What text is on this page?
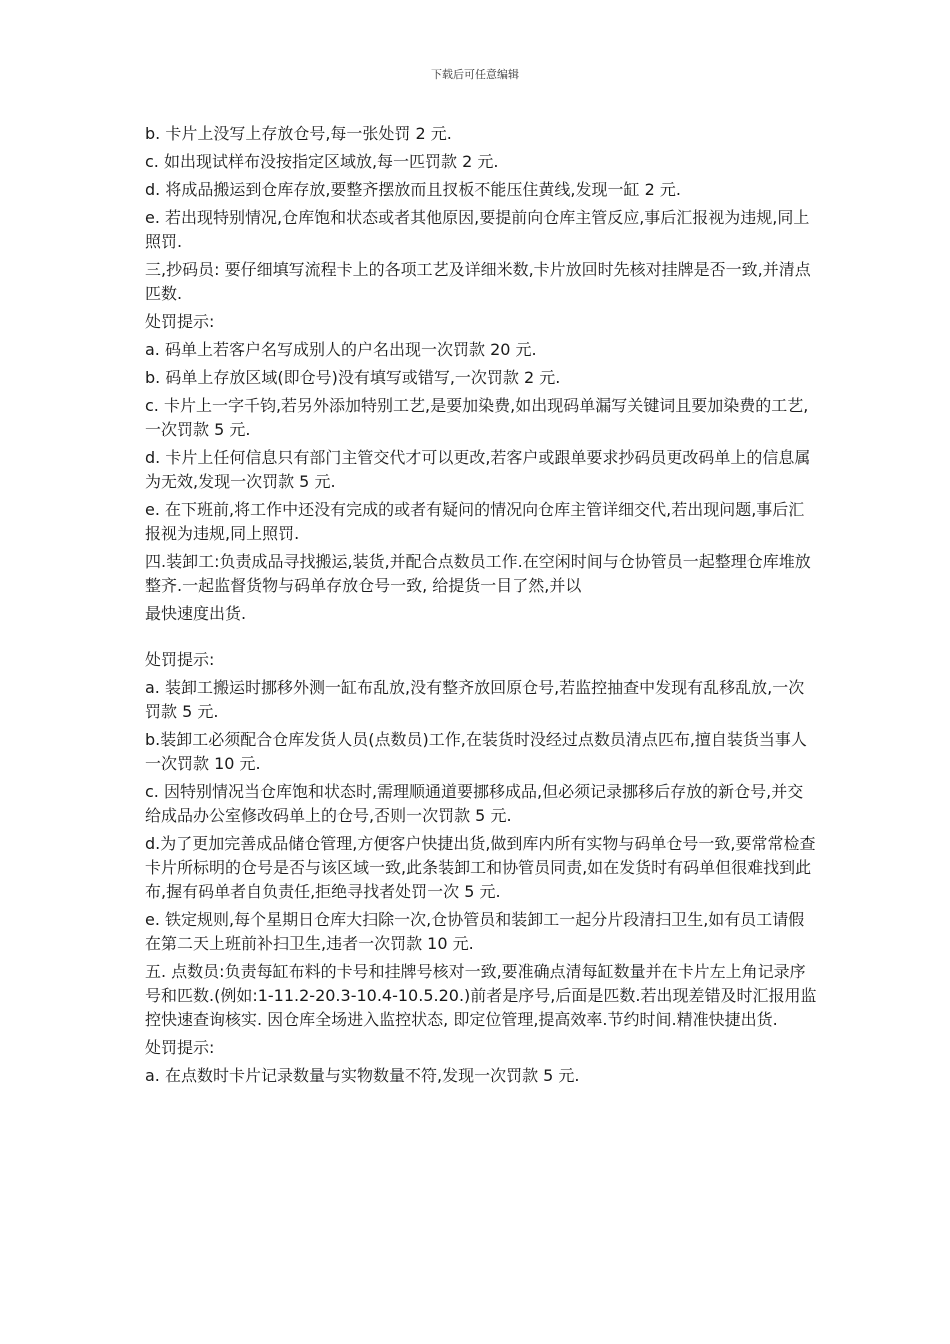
下载后可任意编辑

b. 卡片上没写上存放仓号,每一张处罚 2 元.

c. 如出现试样布没按指定区域放,每一匹罚款 2 元.

d. 将成品搬运到仓库存放,要整齐摆放而且扠板不能压住黄线,发现一缸 2 元.

e. 若出现特别情况,仓库饱和状态或者其他原因,要提前向仓库主管反应,事后汇报视为违规,同上照罚.

三,抄码员: 要仔细填写流程卡上的各项工艺及详细米数,卡片放回时先核对挂牌是否一致,并清点匹数.

处罚提示:

a. 码单上若客户名写成别人的户名出现一次罚款 20 元.

b. 码单上存放区域(即仓号)没有填写或错写,一次罚款 2 元.

c. 卡片上一字千钧,若另外添加特别工艺,是要加染费,如出现码单漏写关键词且要加染费的工艺,一次罚款 5 元.

d. 卡片上任何信息只有部门主管交代才可以更改,若客户或跟单要求抄码员更改码单上的信息属为无效,发现一次罚款 5 元.

e. 在下班前,将工作中还没有完成的或者有疑问的情况向仓库主管详细交代,若出现问题,事后汇报视为违规,同上照罚.

四.装卸工:负责成品寻找搬运,装货,并配合点数员工作.在空闲时间与仓协管员一起整理仓库堆放整齐.一起监督货物与码单存放仓号一致, 给提货一目了然,并以

最快速度出货.

处罚提示:

a. 装卸工搬运时挪移外测一缸布乱放,没有整齐放回原仓号,若监控抽查中发现有乱移乱放,一次罚款 5 元.

b.装卸工必须配合仓库发货人员(点数员)工作,在装货时没经过点数员清点匹布,擅自装货当事人一次罚款 10 元.

c. 因特别情况当仓库饱和状态时,需理顺通道要挪移成品,但必须记录挪移后存放的新仓号,并交给成品办公室修改码单上的仓号,否则一次罚款 5 元.

d.为了更加完善成品储仓管理,方便客户快捷出货,做到库内所有实物与码单仓号一致,要常常检查卡片所标明的仓号是否与该区域一致,此条装卸工和协管员同责,如在发货时有码单但很难找到此布,握有码单者自负责任,拒绝寻找者处罚一次 5 元.

e. 铁定规则,每个星期日仓库大扫除一次,仓协管员和装卸工一起分片段清扫卫生,如有员工请假在第二天上班前补扫卫生,违者一次罚款 10 元.

五. 点数员:负责每缸布料的卡号和挂牌号核对一致,要准确点清每缸数量并在卡片左上角记录序号和匹数.(例如:1-11.2-20.3-10.4-10.5.20.)前者是序号,后面是匹数.若出现差错及时汇报用监控快速查询核实. 因仓库全场进入监控状态, 即定位管理,提高效率.节约时间.精准快捷出货.

处罚提示:

a. 在点数时卡片记录数量与实物数量不符,发现一次罚款 5 元.
